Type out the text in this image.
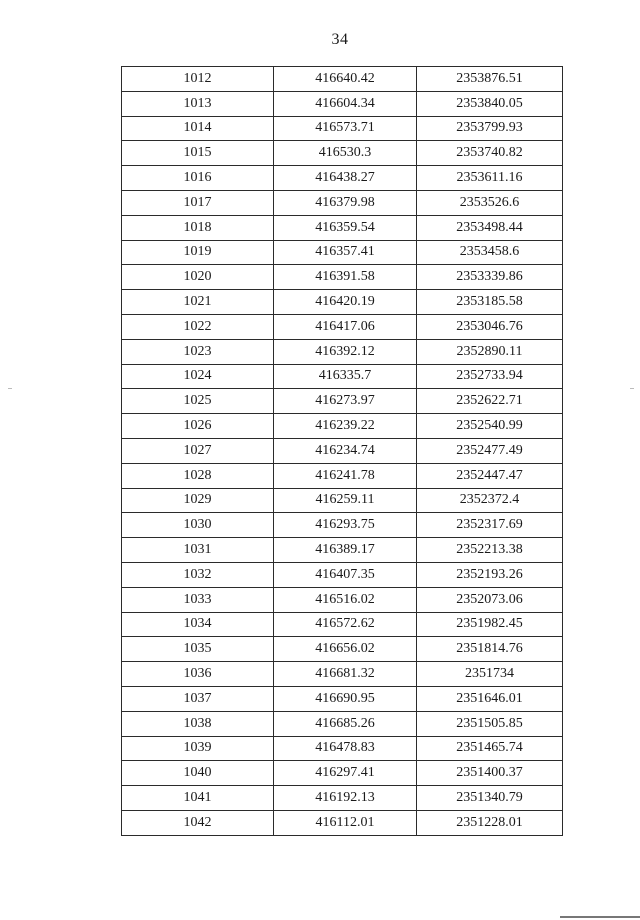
34
1012	416640.42	2353876.51
1013	416604.34	2353840.05
1014	416573.71	2353799.93
1015	416530.3	2353740.82
1016	416438.27	2353611.16
1017	416379.98	2353526.6
1018	416359.54	2353498.44
1019	416357.41	2353458.6
1020	416391.58	2353339.86
1021	416420.19	2353185.58
1022	416417.06	2353046.76
1023	416392.12	2352890.11
1024	416335.7	2352733.94
1025	416273.97	2352622.71
1026	416239.22	2352540.99
1027	416234.74	2352477.49
1028	416241.78	2352447.47
1029	416259.11	2352372.4
1030	416293.75	2352317.69
1031	416389.17	2352213.38
1032	416407.35	2352193.26
1033	416516.02	2352073.06
1034	416572.62	2351982.45
1035	416656.02	2351814.76
1036	416681.32	2351734
1037	416690.95	2351646.01
1038	416685.26	2351505.85
1039	416478.83	2351465.74
1040	416297.41	2351400.37
1041	416192.13	2351340.79
1042	416112.01	2351228.01
